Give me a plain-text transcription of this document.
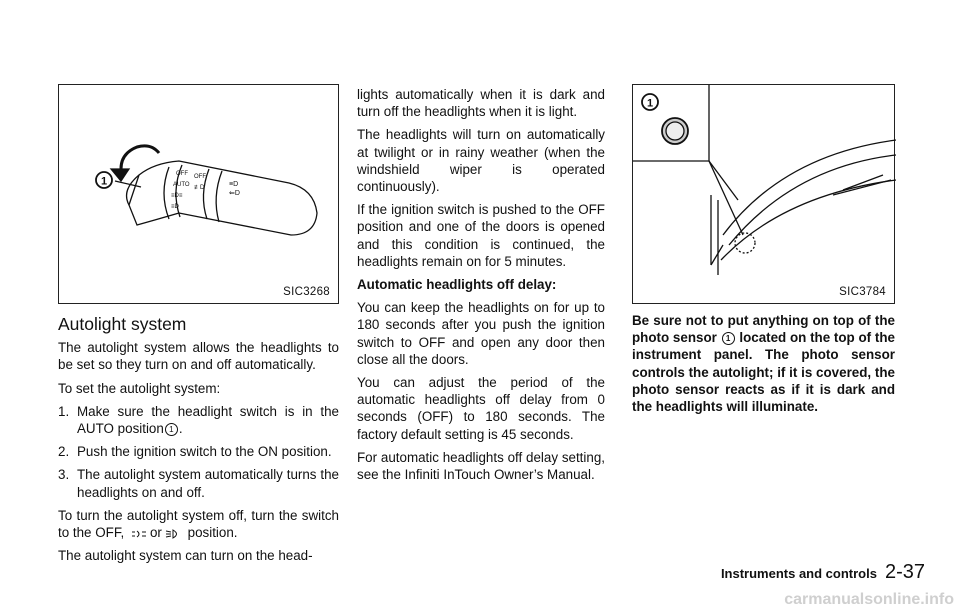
OFF
AUTO
≡D≡
≡D
OFF
≢D	≡D
⇐D
1
SIC3268
1
SIC3784
Autolight system

The autolight system allows the headlights to be set so they turn on and off automatically.

To set the autolight system:

1. Make sure the headlight switch is in the AUTO position 1 .
2. Push the ignition switch to the ON position.
3. The autolight system automatically turns the headlights on and off.

To turn the autolight system off, turn the switch to the OFF, or position.

The autolight system can turn on the head-

lights automatically when it is dark and turn off the headlights when it is light.

The headlights will turn on automatically at twilight or in rainy weather (when the windshield wiper is operated continuously).

If the ignition switch is pushed to the OFF position and one of the doors is opened and this condition is continued, the headlights remain on for 5 minutes.

Automatic headlights off delay:

You can keep the headlights on for up to 180 seconds after you push the ignition switch to OFF and open any door then close all the doors.

You can adjust the period of the automatic headlights off delay from 0 seconds (OFF) to 180 seconds. The factory default setting is 45 seconds.

For automatic headlights off delay setting, see the Infiniti InTouch Owner’s Manual.

Be sure not to put anything on top of the photo sensor 1 located on the top of the instrument panel. The photo sensor controls the autolight; if it is covered, the photo sensor reacts as if it is dark and the headlights will illuminate.

Instruments and controls 2-37
carmanualsonline.info
